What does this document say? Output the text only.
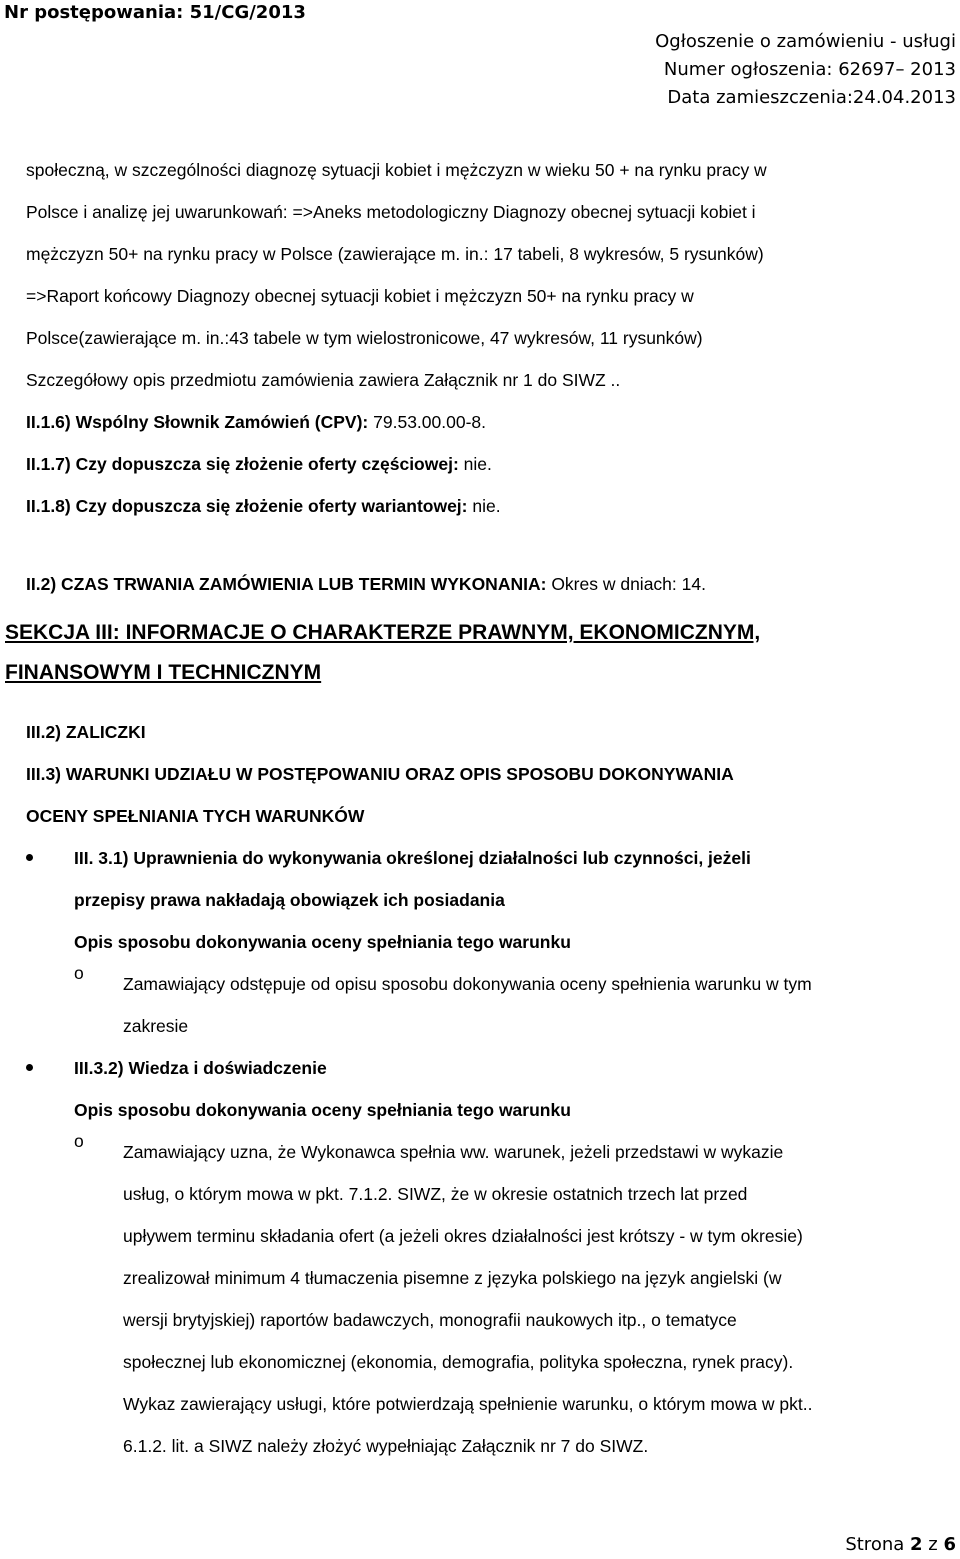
Nr postępowania: 51/CG/2013
Ogłoszenie o zamówieniu - usługi
Numer ogłoszenia: 62697– 2013
Data zamieszczenia:24.04.2013
społeczną, w szczególności diagnozę sytuacji kobiet i mężczyzn w wieku 50 + na rynku pracy w
Polsce i analizę jej uwarunkowań: =>Aneks metodologiczny Diagnozy obecnej sytuacji kobiet i
mężczyzn 50+ na rynku pracy w Polsce (zawierające m. in.: 17 tabeli, 8 wykresów, 5 rysunków)
=>Raport końcowy Diagnozy obecnej sytuacji kobiet i mężczyzn 50+ na rynku pracy w
Polsce(zawierające m. in.:43 tabele w tym wielostronicowe, 47 wykresów, 11 rysunków)
Szczegółowy opis przedmiotu zamówienia zawiera Załącznik nr 1 do SIWZ ..
II.1.6) Wspólny Słownik Zamówień (CPV): 79.53.00.00-8.
II.1.7) Czy dopuszcza się złożenie oferty częściowej: nie.
II.1.8) Czy dopuszcza się złożenie oferty wariantowej: nie.
II.2) CZAS TRWANIA ZAMÓWIENIA LUB TERMIN WYKONANIA: Okres w dniach: 14.
SEKCJA III: INFORMACJE O CHARAKTERZE PRAWNYM, EKONOMICZNYM,
FINANSOWYM I TECHNICZNYM
III.2) ZALICZKI
III.3) WARUNKI UDZIAŁU W POSTĘPOWANIU ORAZ OPIS SPOSOBU DOKONYWANIA
OCENY SPEŁNIANIA TYCH WARUNKÓW
III. 3.1) Uprawnienia do wykonywania określonej działalności lub czynności, jeżeli
przepisy prawa nakładają obowiązek ich posiadania
Opis sposobu dokonywania oceny spełniania tego warunku
o
Zamawiający odstępuje od opisu sposobu dokonywania oceny spełnienia warunku w tym
zakresie
III.3.2) Wiedza i doświadczenie
Opis sposobu dokonywania oceny spełniania tego warunku
o
Zamawiający uzna, że Wykonawca spełnia ww. warunek, jeżeli przedstawi w wykazie
usług, o którym mowa w pkt. 7.1.2. SIWZ, że w okresie ostatnich trzech lat przed
upływem terminu składania ofert (a jeżeli okres działalności jest krótszy - w tym okresie)
zrealizował minimum 4 tłumaczenia pisemne z języka polskiego na język angielski (w
wersji brytyjskiej) raportów badawczych, monografii naukowych itp., o tematyce
społecznej lub ekonomicznej (ekonomia, demografia, polityka społeczna, rynek pracy).
Wykaz zawierający usługi, które potwierdzają spełnienie warunku, o którym mowa w pkt..
6.1.2. lit. a SIWZ należy złożyć wypełniając Załącznik nr 7 do SIWZ.
Strona 2 z 6
